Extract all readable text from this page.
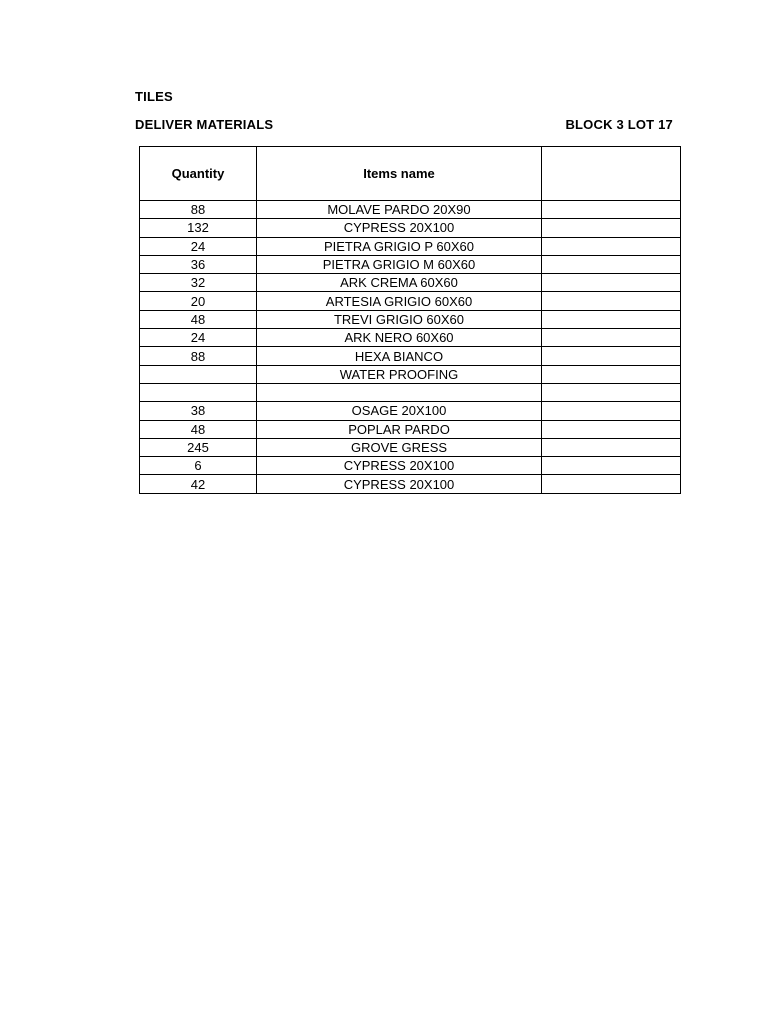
TILES
DELIVER MATERIALS	BLOCK 3 LOT 17
Quantity	Items name	
88	MOLAVE PARDO 20X90	
132	CYPRESS 20X100	
24	PIETRA GRIGIO P 60X60	
36	PIETRA GRIGIO M 60X60	
32	ARK CREMA 60X60	
20	ARTESIA GRIGIO 60X60	
48	TREVI GRIGIO 60X60	
24	ARK NERO 60X60	
88	HEXA BIANCO	
	WATER PROOFING	

38	OSAGE 20X100	
48	POPLAR PARDO	
245	GROVE GRESS	
6	CYPRESS 20X100	
42	CYPRESS 20X100	
